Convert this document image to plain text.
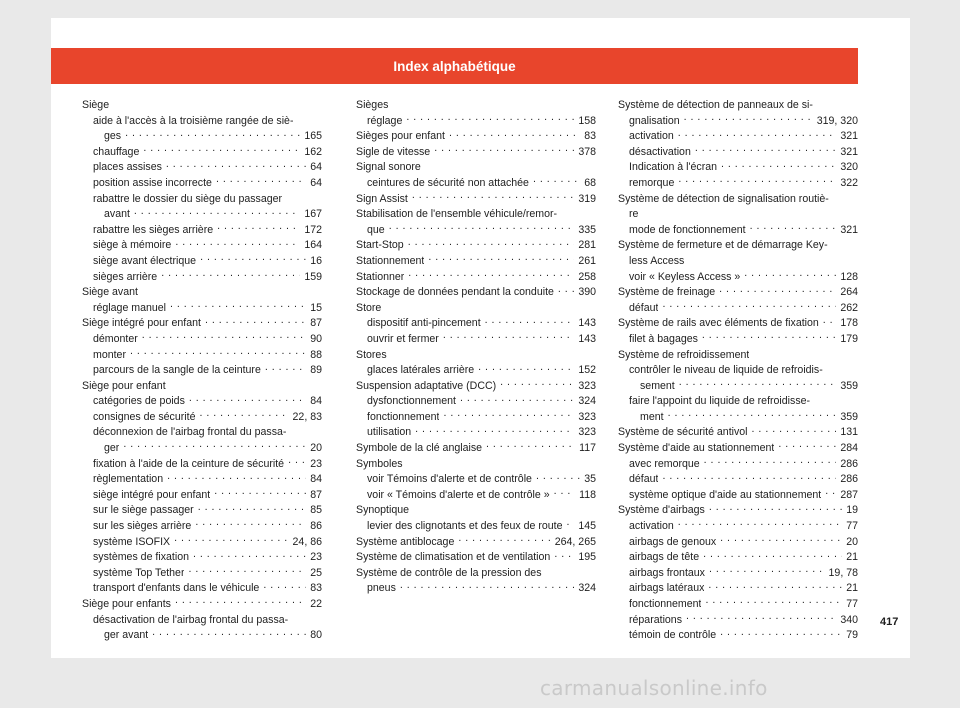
Index alphabétique
Siège
aide à l'accès à la troisième rangée de siè-
ges . . .	165
chauffage . . .	162
places assises . . .	64
position assise incorrecte . . .	64
rabattre le dossier du siège du passager
avant . . .	167
rabattre les sièges arrière . . .	172
siège à mémoire . . .	164
siège avant électrique . . .	16
sièges arrière . . .	159
Siège avant
réglage manuel . . .	15
Siège intégré pour enfant . . .	87
démonter . . .	90
monter . . .	88
parcours de la sangle de la ceinture . . .	89
Siège pour enfant
catégories de poids . . .	84
consignes de sécurité . . .	22, 83
déconnexion de l'airbag frontal du passa-
ger . . .	20
fixation à l'aide de la ceinture de sécurité . . . 23
règlementation . . .	84
siège intégré pour enfant . . .	87
sur le siège passager . . .	85
sur les sièges arrière . . .	86
système ISOFIX . . .	24, 86
systèmes de fixation . . .	23
système Top Tether . . .	25
transport d'enfants dans le véhicule . . .	83
Siège pour enfants . . .	22
désactivation de l'airbag frontal du passa-
ger avant . . .	80
Sièges
réglage . . .	158
Sièges pour enfant . . .	83
Sigle de vitesse . . .	378
Signal sonore
ceintures de sécurité non attachée . . .	68
Sign Assist . . .	319
Stabilisation de l'ensemble véhicule/remor-
que . . .	335
Start-Stop . . .	281
Stationnement . . .	261
Stationner . . .	258
Stockage de données pendant la conduite . . . 390
Store
dispositif anti-pincement . . .	143
ouvrir et fermer . . .	143
Stores
glaces latérales arrière . . .	152
Suspension adaptative (DCC) . . .	323
dysfonctionnement . . .	324
fonctionnement . . .	323
utilisation . . .	323
Symbole de la clé anglaise . . .	117
Symboles
voir Témoins d'alerte et de contrôle . . .	35
voir « Témoins d'alerte et de contrôle » . . .	118
Synoptique
levier des clignotants et des feux de route . . . 145
Système antiblocage . . .	264, 265
Système de climatisation et de ventilation . . .	195
Système de contrôle de la pression des
pneus . . .	324
Système de détection de panneaux de si-
gnalisation . . .	319, 320
activation . . .	321
désactivation . . .	321
Indication à l'écran . . .	320
remorque . . .	322
Système de détection de signalisation routiè-
re
mode de fonctionnement . . .	321
Système de fermeture et de démarrage Key-
less Access
voir « Keyless Access » . . .	128
Système de freinage . . .	264
défaut . . .	262
Système de rails avec éléments de fixation . . . 178
filet à bagages . . .	179
Système de refroidissement
contrôler le niveau de liquide de refroidis-
sement . . .	359
faire l'appoint du liquide de refroidisse-
ment . . .	359
Système de sécurité antivol . . .	131
Système d'aide au stationnement . . .	284
avec remorque . . .	286
défaut . . .	286
système optique d'aide au stationnement . . . 287
Système d'airbags . . .	19
activation . . .	77
airbags de genoux . . .	20
airbags de tête . . .	21
airbags frontaux . . .	19, 78
airbags latéraux . . .	21
fonctionnement . . .	77
réparations . . .	340
témoin de contrôle . . .	79
417
carmanualsonline.info
